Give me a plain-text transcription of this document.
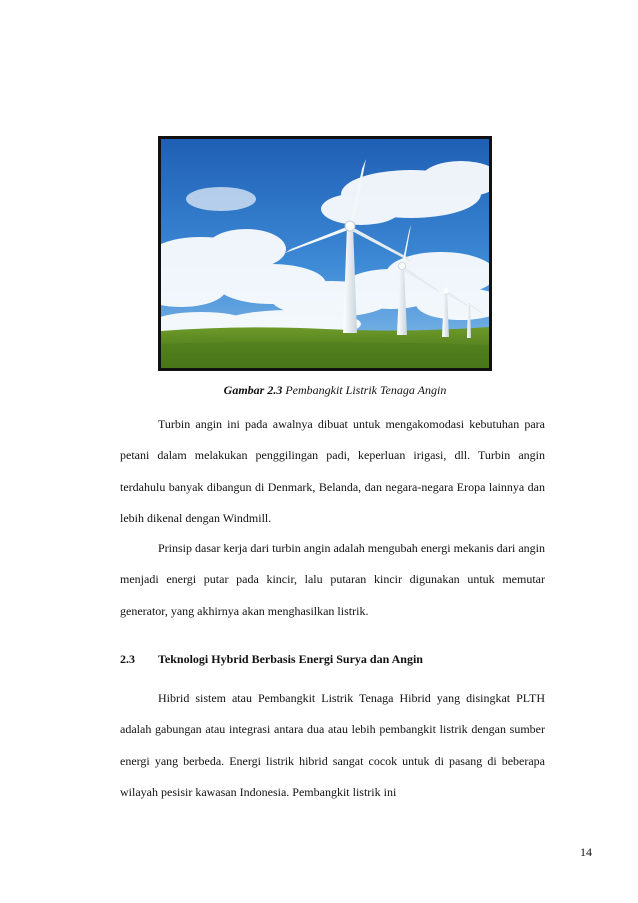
Gambar 2.3 Pembangkit Listrik Tenaga Angin

Turbin angin ini pada awalnya dibuat untuk mengakomodasi kebutuhan para petani dalam melakukan penggilingan padi, keperluan irigasi, dll. Turbin angin terdahulu banyak dibangun di Denmark, Belanda, dan negara-negara Eropa lainnya dan lebih dikenal dengan Windmill.

Prinsip dasar kerja dari turbin angin adalah mengubah energi mekanis dari angin menjadi energi putar pada kincir, lalu putaran kincir digunakan untuk memutar generator, yang akhirnya akan menghasilkan listrik.

2.3 Teknologi Hybrid Berbasis Energi Surya dan Angin

Hibrid sistem atau Pembangkit Listrik Tenaga Hibrid yang disingkat PLTH adalah gabungan atau integrasi antara dua atau lebih pembangkit listrik dengan sumber energi yang berbeda. Energi listrik hibrid sangat cocok untuk di pasang di beberapa wilayah pesisir kawasan Indonesia. Pembangkit listrik ini

14
